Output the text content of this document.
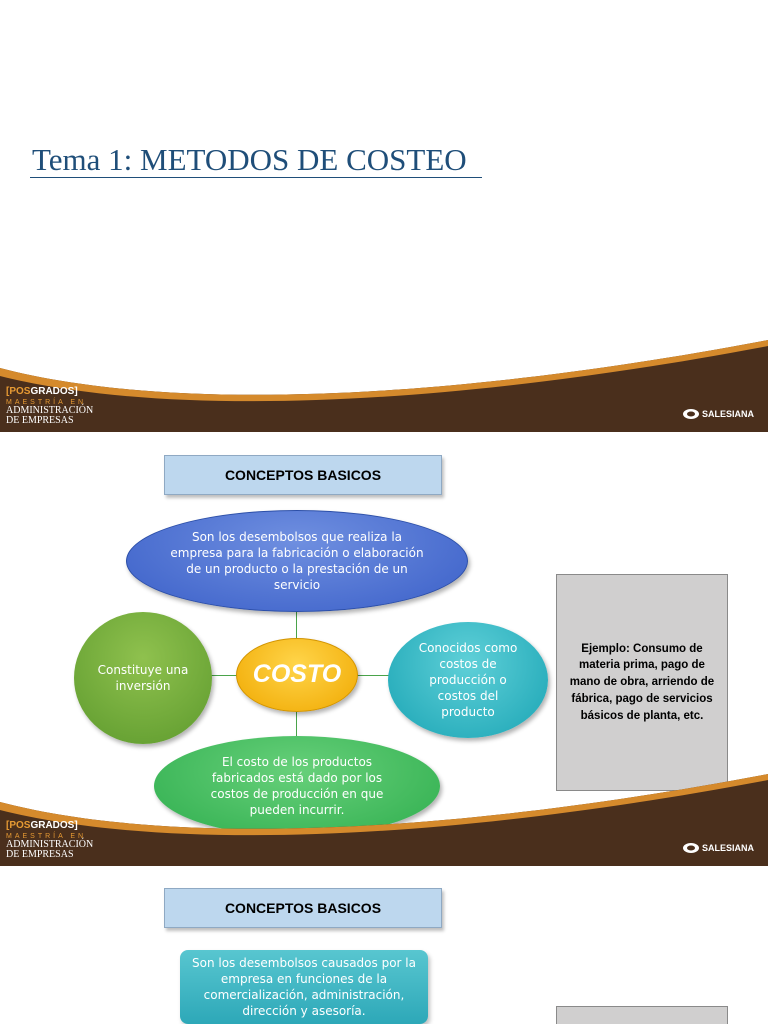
Tema 1: METODOS DE COSTEO
[POSGRADOS]
MAESTRÍA EN
ADMINISTRACIÓN
DE EMPRESAS
SALESIANA
CONCEPTOS BASICOS
Son los desembolsos que realiza la empresa para la fabricación o elaboración de un producto o la prestación de un servicio
Constituye una inversión	COSTO
Conocidos como costos de producción o costos del producto
El costo de los productos fabricados está dado por los costos de producción en que pueden incurrir.
Ejemplo: Consumo de materia prima, pago de mano de obra, arriendo de fábrica, pago de servicios básicos de planta, etc.
[POSGRADOS]
MAESTRÍA EN
ADMINISTRACIÓN
DE EMPRESAS
SALESIANA
CONCEPTOS BASICOS
Son los desembolsos causados por la empresa en funciones de la comercialización, administración, dirección y asesoría.
